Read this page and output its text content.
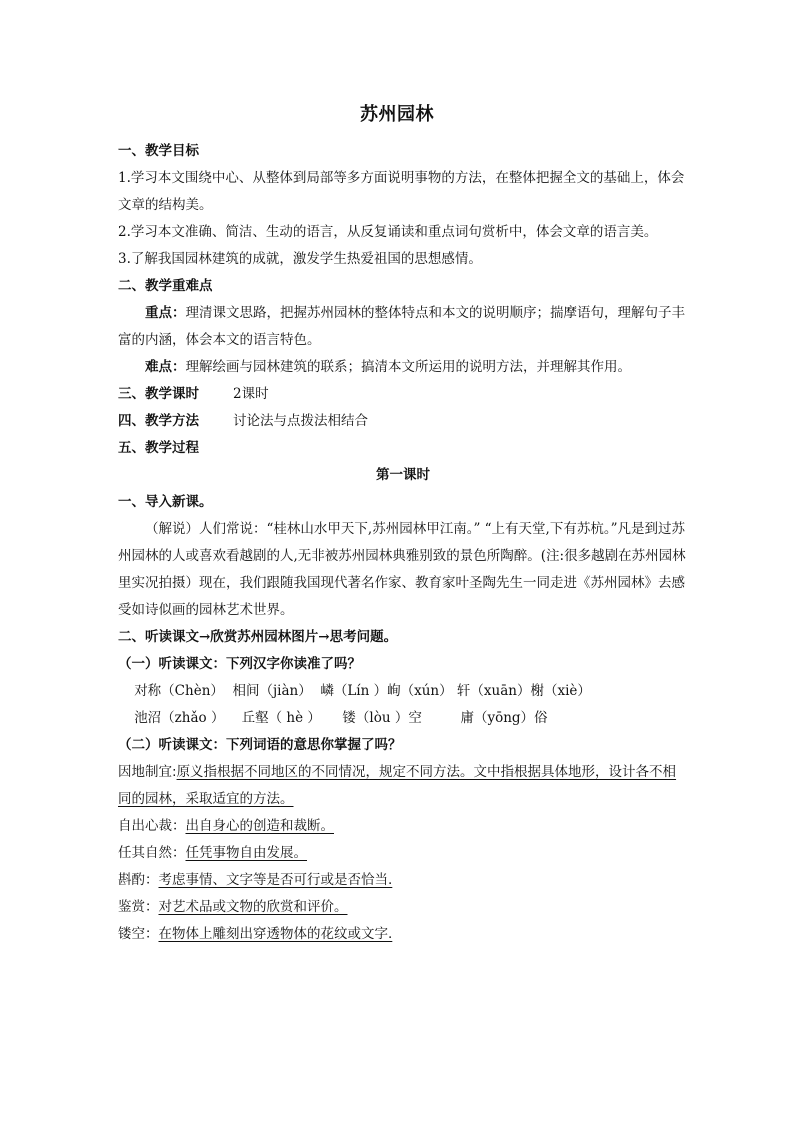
苏州园林
一、教学目标
1.学习本文围绕中心、从整体到局部等多方面说明事物的方法，在整体把握全文的基础上，体会文章的结构美。
2.学习本文准确、简洁、生动的语言，从反复诵读和重点词句赏析中，体会文章的语言美。
3.了解我国园林建筑的成就，激发学生热爱祖国的思想感情。
二、教学重难点
重点：理清课文思路，把握苏州园林的整体特点和本文的说明顺序；揣摩语句，理解句子丰富的内涵，体会本文的语言特色。
难点：理解绘画与园林建筑的联系；搞清本文所运用的说明方法，并理解其作用。
三、教学课时	2课时
四、教学方法	讨论法与点拨法相结合
五、教学过程
第一课时
一、导入新课。
（解说）人们常说：“桂林山水甲天下,苏州园林甲江南。” “上有天堂,下有苏杭。”凡是到过苏州园林的人或喜欢看越剧的人,无非被苏州园林典雅别致的景色所陶醉。(注:很多越剧在苏州园林里实况拍摄）现在，我们跟随我国现代著名作家、教育家叶圣陶先生一同走进《苏州园林》去感受如诗似画的园林艺术世界。
二、听读课文→欣赏苏州园林图片→思考问题。
（一）听读课文：下列汉字你读准了吗？
对称（Chèn） 相间（jiàn） 嶙（Lín ）峋（xún） 轩（xuān）榭（xiè）
池沼（zhǎo ） 丘壑（ hè ） 镂（lòu ）空	庸（yōng）俗
（二）听读课文：下列词语的意思你掌握了吗？
因地制宜:原义指根据不同地区的不同情况，规定不同方法。文中指根据具体地形，设计各不相同的园林，采取适宜的方法。
自出心裁：出自身心的创造和裁断。
任其自然：任凭事物自由发展。
斟酌：考虑事情、文字等是否可行或是否恰当.
鉴赏：对艺术品或文物的欣赏和评价。
镂空：在物体上雕刻出穿透物体的花纹或文字.
